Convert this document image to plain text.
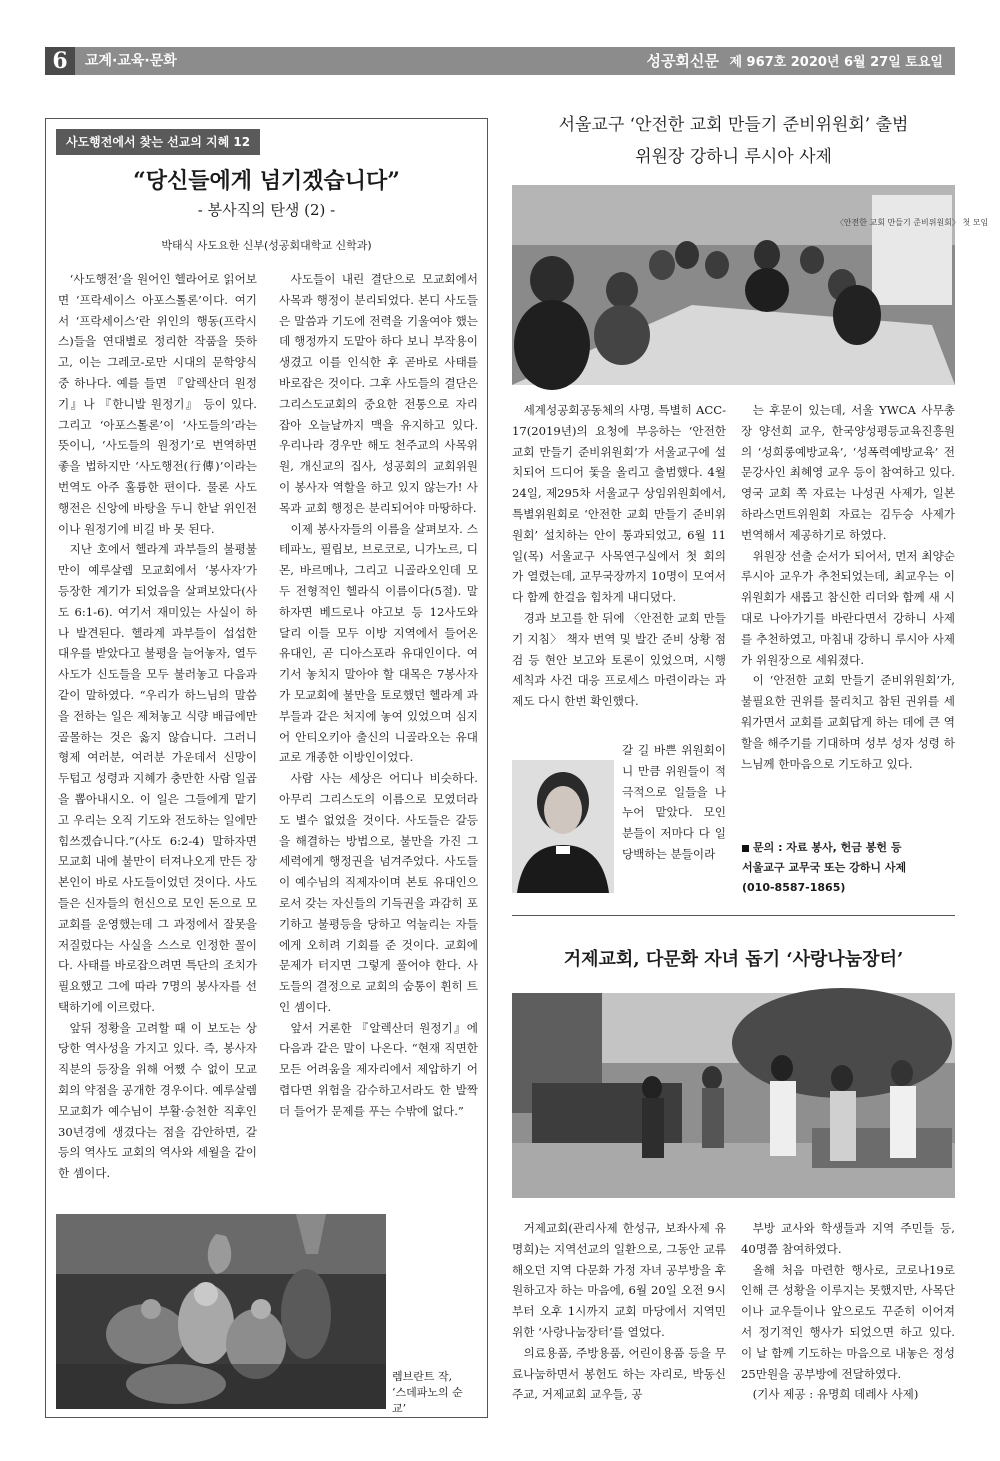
6	교계·교육·문화	성공회신문 제 967호 2020년 6월 27일 토요일
사도행전에서 찾는 선교의 지혜 12
“당신들에게 넘기겠습니다”
- 봉사직의 탄생 (2) -
박태식 사도요한 신부(성공회대학교 신학과)

‘사도행전’을 원어인 헬라어로 읽어보면 ‘프락세이스 아포스톨론’이다. 여기서 ‘프락세이스’란 위인의 행동(프락시스)들을 연대별로 정리한 작품을 뜻하고, 이는 그레코-로만 시대의 문학양식 중 하나다. 예를 들면 『알렉산더 원정기』나 『한니발 원정기』 등이 있다. 그리고 ‘아포스톨론’이 ‘사도들의’라는 뜻이니, ‘사도들의 원정기’로 번역하면 좋을 법하지만 ‘사도행전(行傳)’이라는 번역도 아주 훌륭한 편이다. 물론 사도행전은 신앙에 바탕을 두니 한낱 위인전이나 원정기에 비길 바 못 된다.

지난 호에서 헬라계 과부들의 불평불만이 예루살렘 모교회에서 ‘봉사자’가 등장한 계기가 되었음을 살펴보았다(사도 6:1-6). 여기서 재미있는 사실이 하나 발견된다. 헬라계 과부들이 섭섭한 대우를 받았다고 불평을 늘어놓자, 열두 사도가 신도들을 모두 불러놓고 다음과 같이 말하였다. “우리가 하느님의 말씀을 전하는 일은 제쳐놓고 식량 배급에만 골몰하는 것은 옳지 않습니다. 그러니 형제 여러분, 여러분 가운데서 신망이 두텁고 성령과 지혜가 충만한 사람 일곱을 뽑아내시오. 이 일은 그들에게 맡기고 우리는 오직 기도와 전도하는 일에만 힘쓰겠습니다.”(사도 6:2-4) 말하자면 모교회 내에 불만이 터져나오게 만든 장본인이 바로 사도들이었던 것이다. 사도들은 신자들의 헌신으로 모인 돈으로 모교회를 운영했는데 그 과정에서 잘못을 저질렀다는 사실을 스스로 인정한 꼴이다. 사태를 바로잡으려면 특단의 조치가 필요했고 그에 따라 7명의 봉사자를 선택하기에 이르렀다.

앞뒤 정황을 고려할 때 이 보도는 상당한 역사성을 가지고 있다. 즉, 봉사자 직분의 등장을 위해 어쨌 수 없이 모교회의 약점을 공개한 경우이다. 예루살렘 모교회가 예수님이 부활·승천한 직후인 30년경에 생겼다는 점을 감안하면, 갈등의 역사도 교회의 역사와 세월을 같이 한 셈이다.

사도들이 내린 결단으로 모교회에서 사목과 행정이 분리되었다. 본디 사도들은 말씀과 기도에 전력을 기울여야 했는데 행정까지 도맡아 하다 보니 부작용이 생겼고 이를 인식한 후 곧바로 사태를 바로잡은 것이다. 그후 사도들의 결단은 그리스도교회의 중요한 전통으로 자리잡아 오늘날까지 맥을 유지하고 있다. 우리나라 경우만 해도 천주교의 사목위원, 개신교의 집사, 성공회의 교회위원이 봉사자 역할을 하고 있지 않는가! 사목과 교회 행정은 분리되어야 마땅하다.

이제 봉사자들의 이름을 살펴보자. 스테파노, 필립보, 브로코로, 니가노르, 디몬, 바르메나, 그리고 니골라오인데 모두 전형적인 헬라식 이름이다(5절). 말하자면 베드로나 야고보 등 12사도와 달리 이들 모두 이방 지역에서 들어온 유대인, 곧 디아스포라 유대인이다. 여기서 놓치지 말아야 할 대목은 7봉사자가 모교회에 불만을 토로했던 헬라계 과부들과 같은 처지에 놓여 있었으며 심지어 안티오키아 출신의 니골라오는 유대교로 개종한 이방인이었다.

사람 사는 세상은 어디나 비슷하다. 아무리 그리스도의 이름으로 모였더라도 별수 없었을 것이다. 사도들은 갈등을 해결하는 방법으로, 불만을 가진 그 세력에게 행정권을 넘겨주었다. 사도들이 예수님의 직제자이며 본토 유대인으로서 갖는 자신들의 기득권을 과감히 포기하고 불평등을 당하고 억눌리는 자들에게 오히려 기회를 준 것이다. 교회에 문제가 터지면 그렇게 풀어야 한다. 사도들의 결정으로 교회의 숨통이 휜히 트인 셈이다.

앞서 거론한 『알렉산더 원정기』에 다음과 같은 말이 나온다. “현재 직면한 모든 어려움을 제자리에서 제압하기 어렵다면 위험을 감수하고서라도 한 발짝 더 들어가 문제를 푸는 수밖에 없다.”

렘브란트 작,
‘스데파노의 순교’
서울교구 ‘안전한 교회 만들기 준비위원회’ 출범
위원장 강하니 루시아 사제
〈안전한 교회 만들기 준비위원회〉 첫 모임

세계성공회공동체의 사명, 특별히 ACC-17(2019년)의 요청에 부응하는 ‘안전한 교회 만들기 준비위원회’가 서울교구에 설치되어 드디어 돛을 올리고 출범했다. 4월 24일, 제295차 서울교구 상임위원회에서, 특별위원회로 ‘안전한 교회 만들기 준비위원회’ 설치하는 안이 통과되었고, 6월 11일(목) 서울교구 사목연구실에서 첫 회의가 열렸는데, 교무국장까지 10명이 모여서 다 함께 한걸음 힘차게 내디뎠다.

경과 보고를 한 뒤에 〈안전한 교회 만들기 지침〉 책자 번역 및 발간 준비 상황 점검 등 현안 보고와 토론이 있었으며, 시행세칙과 사건 대응 프로세스 마련이라는 과제도 다시 한번 확인했다.

는 후문이 있는데, 서울 YWCA 사무총장 양선희 교우, 한국양성평등교육진흥원의 ‘성희롱예방교육’, ‘성폭력예방교육’ 전문강사인 최혜영 교우 등이 참여하고 있다. 영국 교회 쪽 자료는 나성권 사제가, 일본 하라스먼트위원회 자료는 김두승 사제가 번역해서 제공하기로 하였다.

위원장 선출 순서가 되어서, 먼저 최양순 루시아 교우가 추천되었는데, 최교우는 이 위원회가 새롭고 참신한 리더와 함께 새 시대로 나아가기를 바란다면서 강하니 사제를 추천하였고, 마침내 강하니 루시아 사제가 위원장으로 세워졌다.

이 ‘안전한 교회 만들기 준비위원회’가, 불필요한 권위를 물리치고 참된 권위를 세워가면서 교회를 교회답게 하는 데에 큰 역할을 해주기를 기대하며 성부 성자 성령 하느님께 한마음으로 기도하고 있다.

갈 길 바쁜 위원회이니 만큼 위원들이 적극적으로 일들을 나누어 맡았다. 모인 분들이 저마다 다 일당백하는 분들이라	문의 : 자료 봉사, 헌금 봉헌 등
서울교구 교무국 또는 강하니 사제
(010-8587-1865)
거제교회, 다문화 자녀 돕기 ‘사랑나눔장터’

거제교회(관리사제 한성규, 보좌사제 유명희)는 지역선교의 일환으로, 그동안 교류해오던 지역 다문화 가정 자녀 공부방을 후원하고자 하는 마음에, 6월 20일 오전 9시부터 오후 1시까지 교회 마당에서 지역민 위한 ‘사랑나눔장터’를 열었다.

의료용품, 주방용품, 어린이용품 등을 무료나눔하면서 봉헌도 하는 자리로, 박동신 주교, 거제교회 교우들, 공

부방 교사와 학생들과 지역 주민들 등, 40명쯤 참여하였다.

올해 처음 마련한 행사로, 코로나19로 인해 큰 성황을 이루지는 못했지만, 사목단이나 교우들이나 앞으로도 꾸준히 이어져서 정기적인 행사가 되었으면 하고 있다. 이 날 함께 기도하는 마음으로 내놓은 정성 25만원을 공부방에 전달하였다.

(기사 제공 : 유명희 데레사 사제)
